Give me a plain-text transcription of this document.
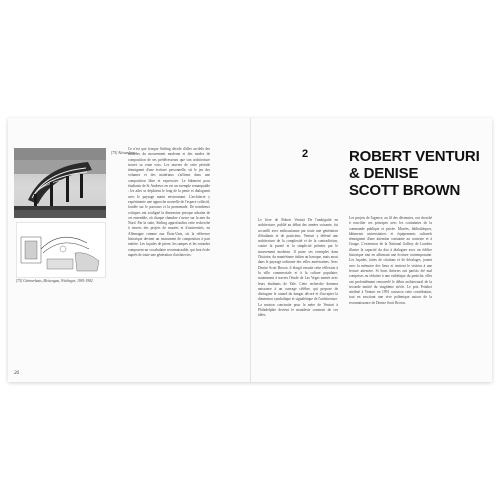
[75] Alexandros ...
[75] Gärtnerhaus, Meisengau, Wielingen, 1981-1982
Ce n'est que lorsque Stirling décide d'aller au-delà des modèles du mouvement moderne et des modes de composition de ses prédécesseurs que son architecture trouve sa vraie voix. Les œuvres de cette période témoignent d'une écriture personnelle, où le jeu des volumes et des matériaux s'affirme dans une composition libre et expressive. Le bâtiment pour étudiants de St Andrews en est un exemple remarquable : les ailes se déploient le long de la pente et dialoguent avec le paysage marin environnant. L'architecte y expérimente une approche nouvelle de l'espace collectif, fondée sur le parcours et la promenade. De nombreux critiques ont souligné la dimension presque urbaine de cet ensemble, où chaque chambre s'ouvre sur la mer du Nord. Par la suite, Stirling approfondira cette recherche à travers des projets de musées et d'universités, en Allemagne comme aux États-Unis, où la référence historique devient un instrument de composition à part entière. Les façades de pierre, les rampes et les rotondes composent un vocabulaire reconnaissable, qui fera école auprès de toute une génération d'architectes.
26
2	ROBERT VENTURI
& DENISE
SCOTT BROWN
Le livre de Robert Venturi De l'ambiguïté en architecture, publié au début des années soixante, fut accueilli avec enthousiasme par toute une génération d'étudiants et de praticiens. Venturi y défend une architecture de la complexité et de la contradiction, contre la pureté et la simplicité prônées par le mouvement moderne. Il puise ses exemples dans l'histoire, du maniérisme italien au baroque, mais aussi dans le paysage ordinaire des villes américaines. Avec Denise Scott Brown, il élargit ensuite cette réflexion à la ville commerciale et à la culture populaire, notamment à travers l'étude de Las Vegas menée avec leurs étudiants de Yale. Cette recherche donnera naissance à un ouvrage célèbre, qui propose de distinguer le canard du hangar décoré et d'accepter la dimension symbolique et signalétique de l'architecture. La maison construite pour la mère de Venturi à Philadelphie devient le manifeste construit de ces idées.
Les projets de l'agence, au fil des décennies, ont cherché à concilier ces principes avec les contraintes de la commande publique et privée. Musées, bibliothèques, bâtiments universitaires et équipements culturels témoignent d'une attention constante au contexte et à l'usage. L'extension de la National Gallery de Londres illustre la capacité du duo à dialoguer avec un édifice historique tout en affirmant une écriture contemporaine. Les façades, faites de citations et de décalages, jouent avec la mémoire des lieux et invitent le visiteur à une lecture attentive. Si leurs théories ont parfois été mal comprises ou réduites à une esthétique du pastiche, elles ont profondément renouvelé le débat architectural de la seconde moitié du vingtième siècle. Le prix Pritzker attribué à Venturi en 1991 consacra cette contribution, tout en suscitant une vive polémique autour de la reconnaissance de Denise Scott Brown.
